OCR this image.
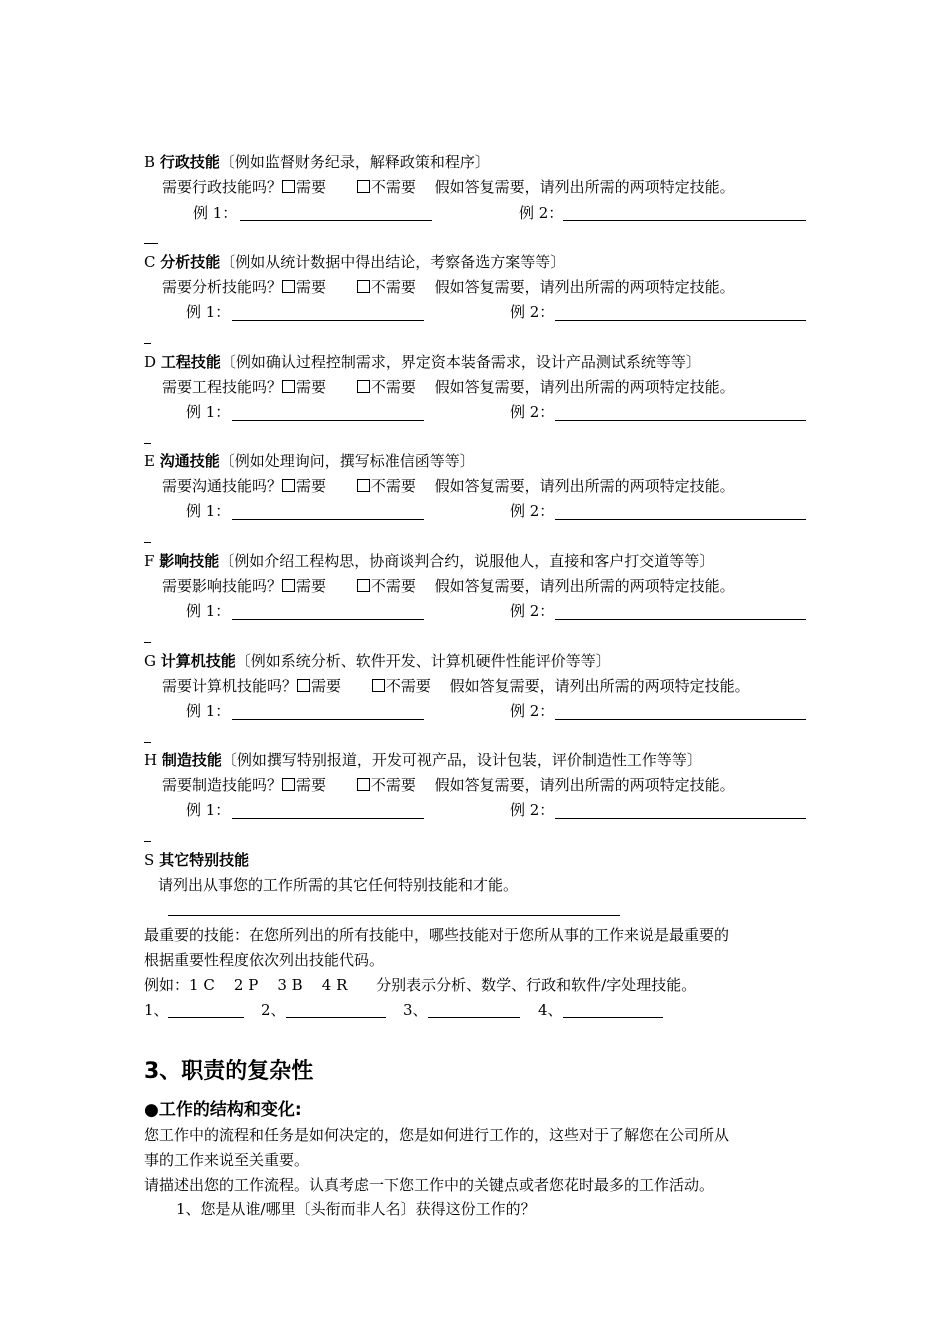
B 行政技能〔例如监督财务纪录，解释政策和程序〕
需要行政技能吗？ 需要	不需要 假如答复需要，请列出所需的两项特定技能。
例 1：	例 2：
C 分析技能〔例如从统计数据中得出结论，考察备选方案等等〕
需要分析技能吗？ 需要	不需要 假如答复需要，请列出所需的两项特定技能。
例 1：	例 2：
D 工程技能〔例如确认过程控制需求，界定资本装备需求，设计产品测试系统等等〕
需要工程技能吗？ 需要	不需要 假如答复需要，请列出所需的两项特定技能。
例 1：	例 2：
E 沟通技能〔例如处理询问，撰写标准信函等等〕
需要沟通技能吗？ 需要	不需要 假如答复需要，请列出所需的两项特定技能。
例 1：	例 2：
F 影响技能〔例如介绍工程构思，协商谈判合约，说服他人，直接和客户打交道等等〕
需要影响技能吗？ 需要	不需要 假如答复需要，请列出所需的两项特定技能。
例 1：	例 2：
G 计算机技能〔例如系统分析、软件开发、计算机硬件性能评价等等〕
需要计算机技能吗？ 需要	不需要 假如答复需要，请列出所需的两项特定技能。
例 1：	例 2：
H 制造技能〔例如撰写特别报道，开发可视产品，设计包装，评价制造性工作等等〕
需要制造技能吗？ 需要	不需要 假如答复需要，请列出所需的两项特定技能。
例 1：	例 2：
S 其它特别技能
请列出从事您的工作所需的其它任何特别技能和才能。
最重要的技能：在您所列出的所有技能中，哪些技能对于您所从事的工作来说是最重要的
根据重要性程度依次列出技能代码。
例如：1 C    2 P    3 B    4 R 分别表示分析、数学、行政和软件/字处理技能。
1、	2、	3、	4、
3、职责的复杂性
●工作的结构和变化:
您工作中的流程和任务是如何决定的，您是如何进行工作的，这些对于了解您在公司所从
事的工作来说至关重要。
请描述出您的工作流程。认真考虑一下您工作中的关键点或者您花时最多的工作活动。
1、您是从谁/哪里〔头衔而非人名〕获得这份工作的？
